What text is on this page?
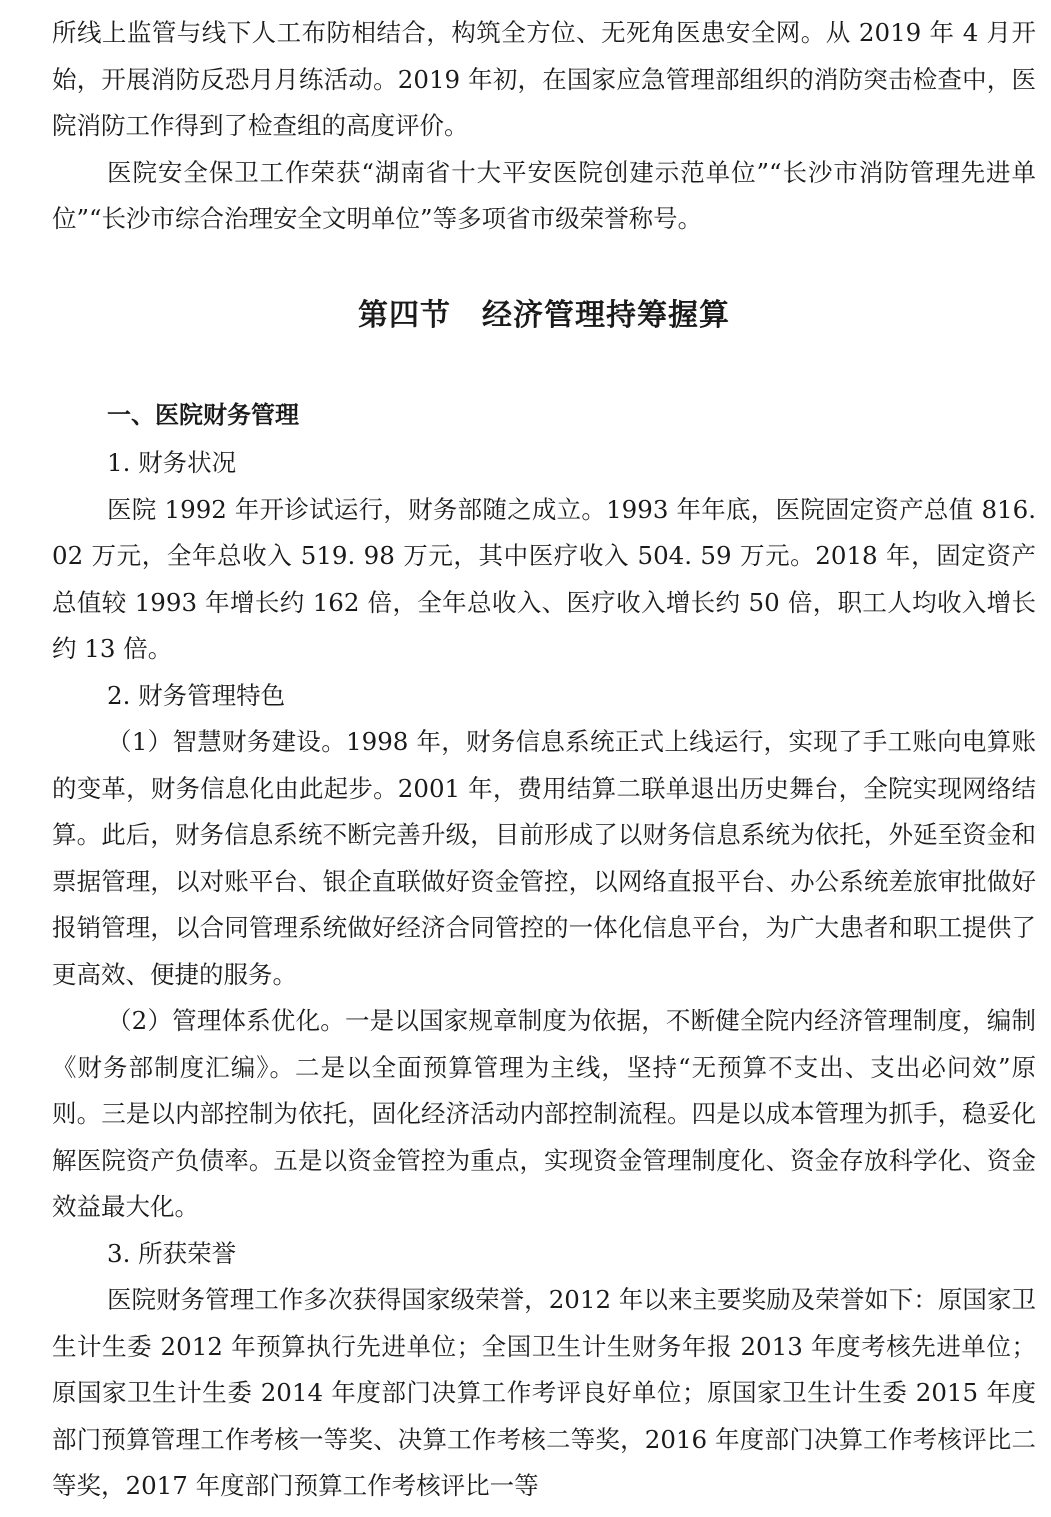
所线上监管与线下人工布防相结合，构筑全方位、无死角医患安全网。从 2019 年 4 月开始，开展消防反恐月月练活动。2019 年初，在国家应急管理部组织的消防突击检查中，医院消防工作得到了检查组的高度评价。

医院安全保卫工作荣获“湖南省十大平安医院创建示范单位”“长沙市消防管理先进单位”“长沙市综合治理安全文明单位”等多项省市级荣誉称号。

第四节　经济管理持筹握算

一、医院财务管理

1. 财务状况

医院 1992 年开诊试运行，财务部随之成立。1993 年年底，医院固定资产总值 816. 02 万元，全年总收入 519. 98 万元，其中医疗收入 504. 59 万元。2018 年，固定资产总值较 1993 年增长约 162 倍，全年总收入、医疗收入增长约 50 倍，职工人均收入增长约 13 倍。

2. 财务管理特色

（1）智慧财务建设。1998 年，财务信息系统正式上线运行，实现了手工账向电算账的变革，财务信息化由此起步。2001 年，费用结算二联单退出历史舞台，全院实现网络结算。此后，财务信息系统不断完善升级，目前形成了以财务信息系统为依托，外延至资金和票据管理，以对账平台、银企直联做好资金管控，以网络直报平台、办公系统差旅审批做好报销管理，以合同管理系统做好经济合同管控的一体化信息平台，为广大患者和职工提供了更高效、便捷的服务。

（2）管理体系优化。一是以国家规章制度为依据，不断健全院内经济管理制度，编制《财务部制度汇编》。二是以全面预算管理为主线，坚持“无预算不支出、支出必问效”原则。三是以内部控制为依托，固化经济活动内部控制流程。四是以成本管理为抓手，稳妥化解医院资产负债率。五是以资金管控为重点，实现资金管理制度化、资金存放科学化、资金效益最大化。

3. 所获荣誉

医院财务管理工作多次获得国家级荣誉，2012 年以来主要奖励及荣誉如下：原国家卫生计生委 2012 年预算执行先进单位；全国卫生计生财务年报 2013 年度考核先进单位；原国家卫生计生委 2014 年度部门决算工作考评良好单位；原国家卫生计生委 2015 年度部门预算管理工作考核一等奖、决算工作考核二等奖，2016 年度部门决算工作考核评比二等奖，2017 年度部门预算工作考核评比一等
